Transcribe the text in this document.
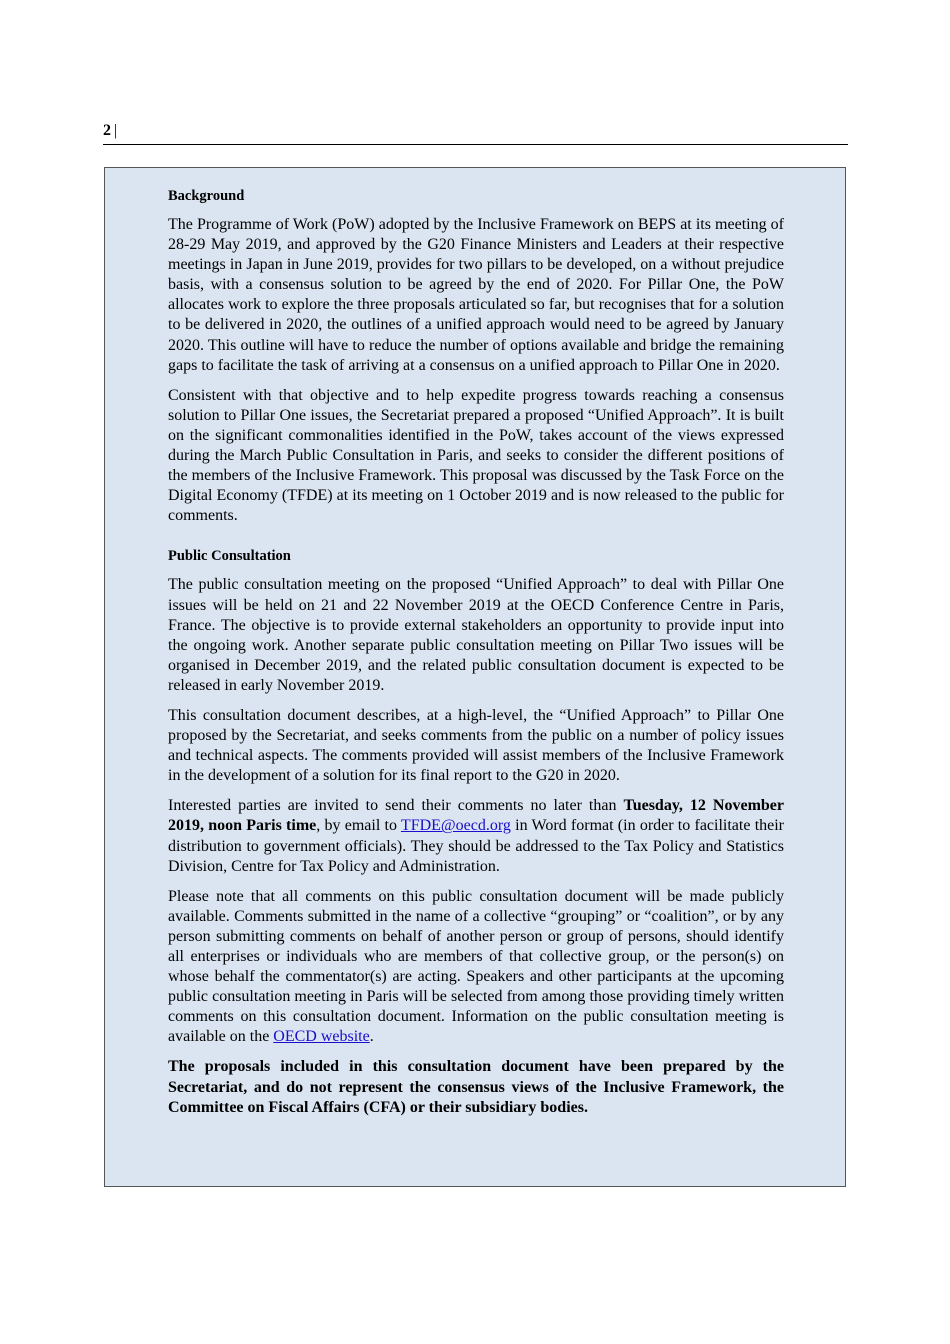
2 |
Background

The Programme of Work (PoW) adopted by the Inclusive Framework on BEPS at its meeting of 28-29 May 2019, and approved by the G20 Finance Ministers and Leaders at their respective meetings in Japan in June 2019, provides for two pillars to be developed, on a without prejudice basis, with a consensus solution to be agreed by the end of 2020. For Pillar One, the PoW allocates work to explore the three proposals articulated so far, but recognises that for a solution to be delivered in 2020, the outlines of a unified approach would need to be agreed by January 2020. This outline will have to reduce the number of options available and bridge the remaining gaps to facilitate the task of arriving at a consensus on a unified approach to Pillar One in 2020.

Consistent with that objective and to help expedite progress towards reaching a consensus solution to Pillar One issues, the Secretariat prepared a proposed “Unified Approach”. It is built on the significant commonalities identified in the PoW, takes account of the views expressed during the March Public Consultation in Paris, and seeks to consider the different positions of the members of the Inclusive Framework. This proposal was discussed by the Task Force on the Digital Economy (TFDE) at its meeting on 1 October 2019 and is now released to the public for comments.

Public Consultation

The public consultation meeting on the proposed “Unified Approach” to deal with Pillar One issues will be held on 21 and 22 November 2019 at the OECD Conference Centre in Paris, France. The objective is to provide external stakeholders an opportunity to provide input into the ongoing work. Another separate public consultation meeting on Pillar Two issues will be organised in December 2019, and the related public consultation document is expected to be released in early November 2019.

This consultation document describes, at a high-level, the “Unified Approach” to Pillar One proposed by the Secretariat, and seeks comments from the public on a number of policy issues and technical aspects. The comments provided will assist members of the Inclusive Framework in the development of a solution for its final report to the G20 in 2020.

Interested parties are invited to send their comments no later than Tuesday, 12 November 2019, noon Paris time, by email to TFDE@oecd.org in Word format (in order to facilitate their distribution to government officials). They should be addressed to the Tax Policy and Statistics Division, Centre for Tax Policy and Administration.

Please note that all comments on this public consultation document will be made publicly available. Comments submitted in the name of a collective “grouping” or “coalition”, or by any person submitting comments on behalf of another person or group of persons, should identify all enterprises or individuals who are members of that collective group, or the person(s) on whose behalf the commentator(s) are acting. Speakers and other participants at the upcoming public consultation meeting in Paris will be selected from among those providing timely written comments on this consultation document. Information on the public consultation meeting is available on the OECD website.

The proposals included in this consultation document have been prepared by the Secretariat, and do not represent the consensus views of the Inclusive Framework, the Committee on Fiscal Affairs (CFA) or their subsidiary bodies.
